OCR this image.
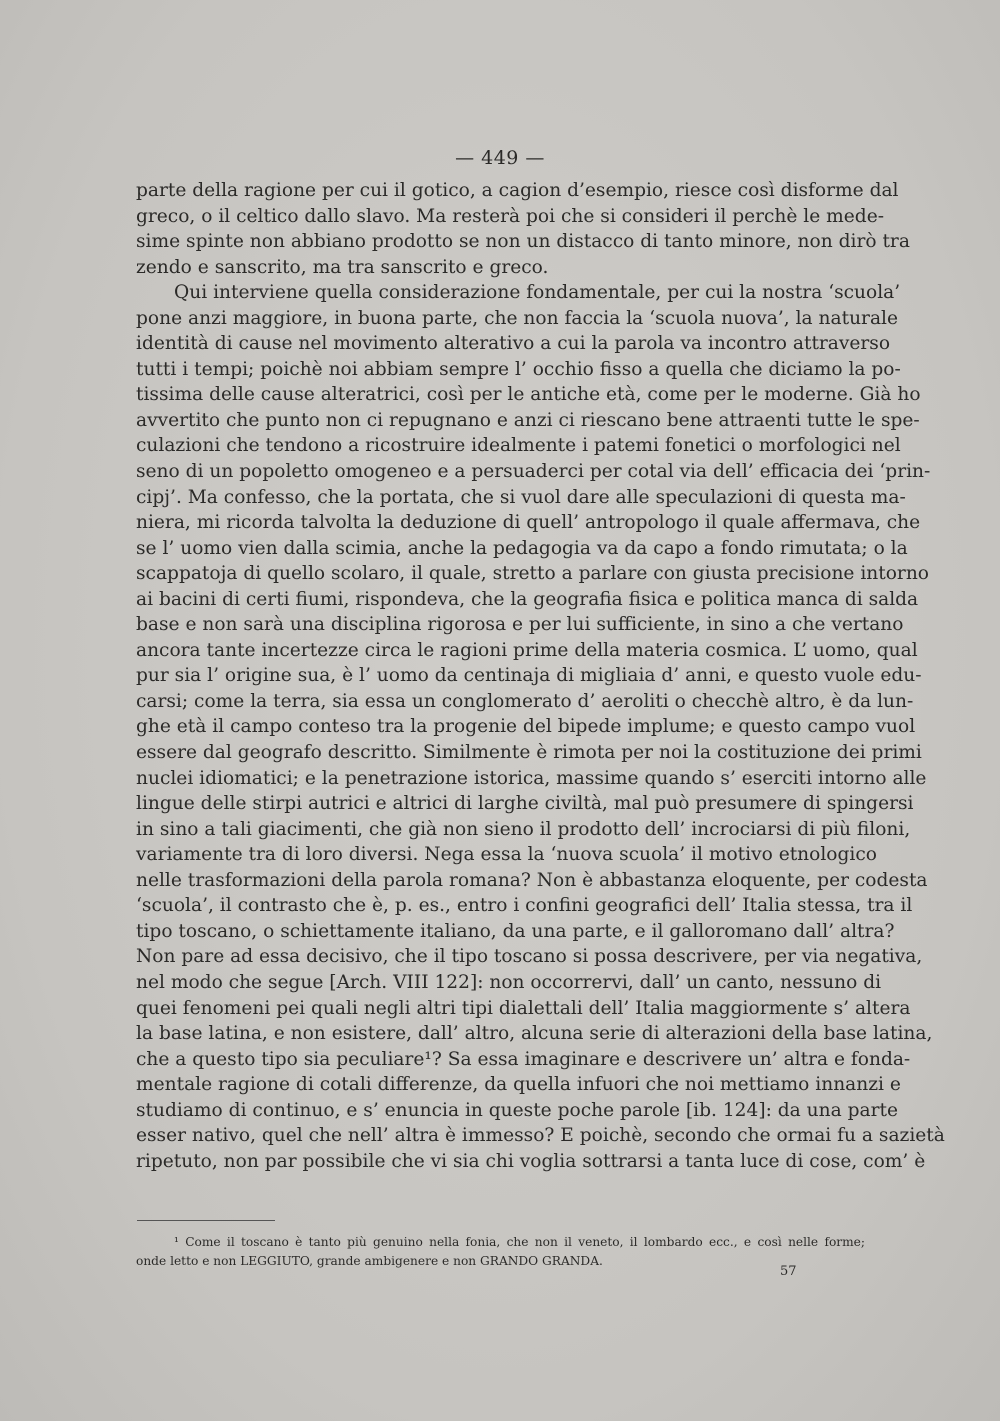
— 449 —
parte della ragione per cui il gotico, a cagion d’esempio, riesce così disforme dal
greco, o il celtico dallo slavo. Ma resterà poi che si consideri il perchè le mede-
sime spinte non abbiano prodotto se non un distacco di tanto minore, non dirò tra
zendo e sanscrito, ma tra sanscrito e greco.
Qui interviene quella considerazione fondamentale, per cui la nostra ‘scuola’
pone anzi maggiore, in buona parte, che non faccia la ‘scuola nuova’, la naturale
identità di cause nel movimento alterativo a cui la parola va incontro attraverso
tutti i tempi; poichè noi abbiam sempre l’ occhio fisso a quella che diciamo la po-
tissima delle cause alteratrici, così per le antiche età, come per le moderne. Già ho
avvertito che punto non ci repugnano e anzi ci riescano bene attraenti tutte le spe-
culazioni che tendono a ricostruire idealmente i patemi fonetici o morfologici nel
seno di un popoletto omogeneo e a persuaderci per cotal via dell’ efficacia dei ‘prin-
cipj’. Ma confesso, che la portata, che si vuol dare alle speculazioni di questa ma-
niera, mi ricorda talvolta la deduzione di quell’ antropologo il quale affermava, che
se l’ uomo vien dalla scimia, anche la pedagogia va da capo a fondo rimutata; o la
scappatoja di quello scolaro, il quale, stretto a parlare con giusta precisione intorno
ai bacini di certi fiumi, rispondeva, che la geografia fisica e politica manca di salda
base e non sarà una disciplina rigorosa e per lui sufficiente, in sino a che vertano
ancora tante incertezze circa le ragioni prime della materia cosmica. L’ uomo, qual
pur sia l’ origine sua, è l’ uomo da centinaja di migliaia d’ anni, e questo vuole edu-
carsi; come la terra, sia essa un conglomerato d’ aeroliti o checchè altro, è da lun-
ghe età il campo conteso tra la progenie del bipede implume; e questo campo vuol
essere dal geografo descritto. Similmente è rimota per noi la costituzione dei primi
nuclei idiomatici; e la penetrazione istorica, massime quando s’ eserciti intorno alle
lingue delle stirpi autrici e altrici di larghe civiltà, mal può presumere di spingersi
in sino a tali giacimenti, che già non sieno il prodotto dell’ incrociarsi di più filoni,
variamente tra di loro diversi. Nega essa la ‘nuova scuola’ il motivo etnologico
nelle trasformazioni della parola romana? Non è abbastanza eloquente, per codesta
‘scuola’, il contrasto che è, p. es., entro i confini geografici dell’ Italia stessa, tra il
tipo toscano, o schiettamente italiano, da una parte, e il galloromano dall’ altra?
Non pare ad essa decisivo, che il tipo toscano si possa descrivere, per via negativa,
nel modo che segue [Arch. VIII 122]: non occorrervi, dall’ un canto, nessuno di
quei fenomeni pei quali negli altri tipi dialettali dell’ Italia maggiormente s’ altera
la base latina, e non esistere, dall’ altro, alcuna serie di alterazioni della base latina,
che a questo tipo sia peculiare¹? Sa essa imaginare e descrivere un’ altra e fonda-
mentale ragione di cotali differenze, da quella infuori che noi mettiamo innanzi e
studiamo di continuo, e s’ enuncia in queste poche parole [ib. 124]: da una parte
esser nativo, quel che nell’ altra è immesso? E poichè, secondo che ormai fu a sazietà
ripetuto, non par possibile che vi sia chi voglia sottrarsi a tanta luce di cose, com’ è
¹ Come il toscano è tanto più genuino nella fonia, che non il veneto, il lombardo ecc., e così nelle forme;
onde letto e non LEGGIUTO, grande ambigenere e non GRANDO GRANDA.
57
